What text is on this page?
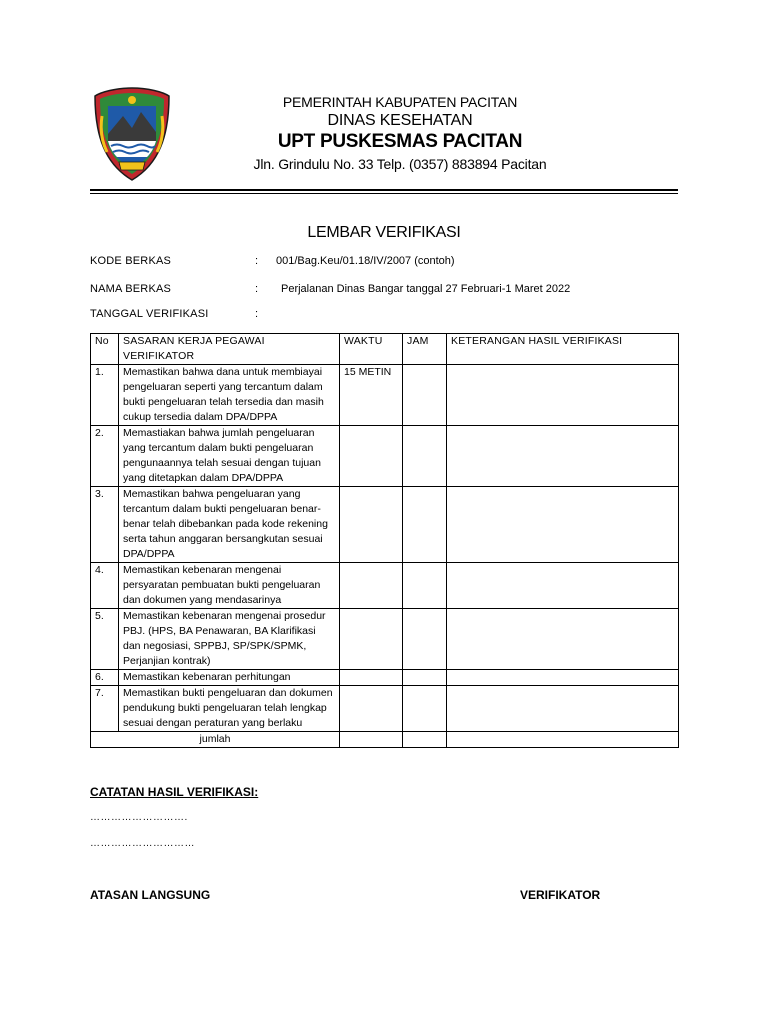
PEMERINTAH KABUPATEN PACITAN
DINAS KESEHATAN
UPT PUSKESMAS PACITAN
Jln. Grindulu No. 33 Telp. (0357) 883894 Pacitan
LEMBAR VERIFIKASI
KODE BERKAS	: 001/Bag.Keu/01.18/IV/2007 (contoh)
NAMA BERKAS	: Perjalanan Dinas Bangar tanggal 27 Februari-1 Maret 2022
TANGGAL VERIFIKASI	:
No	SASARAN KERJA PEGAWAI VERIFIKATOR	WAKTU	JAM	KETERANGAN HASIL VERIFIKASI
1.	Memastikan bahwa dana untuk membiayai pengeluaran seperti yang tercantum dalam bukti pengeluaran telah tersedia dan masih cukup tersedia dalam DPA/DPPA	15 METIN		
2.	Memastiakan bahwa jumlah pengeluaran yang tercantum dalam bukti pengeluaran pengunaannya telah sesuai dengan tujuan yang ditetapkan dalam DPA/DPPA			
3.	Memastikan bahwa pengeluaran yang tercantum dalam bukti pengeluaran benar-benar telah dibebankan pada kode rekening serta tahun anggaran bersangkutan sesuai DPA/DPPA			
4.	Memastikan kebenaran mengenai persyaratan pembuatan bukti pengeluaran dan dokumen yang mendasarinya			
5.	Memastikan kebenaran mengenai prosedur PBJ. (HPS, BA Penawaran, BA Klarifikasi dan negosiasi, SPPBJ, SP/SPK/SPMK, Perjanjian kontrak)			
6.	Memastikan kebenaran perhitungan			
7.	Memastikan bukti pengeluaran dan dokumen pendukung bukti pengeluaran telah lengkap sesuai dengan peraturan yang berlaku			
jumlah				
CATATAN HASIL VERIFIKASI:
……………………….
…………………………
ATASAN LANGSUNG	VERIFIKATOR
